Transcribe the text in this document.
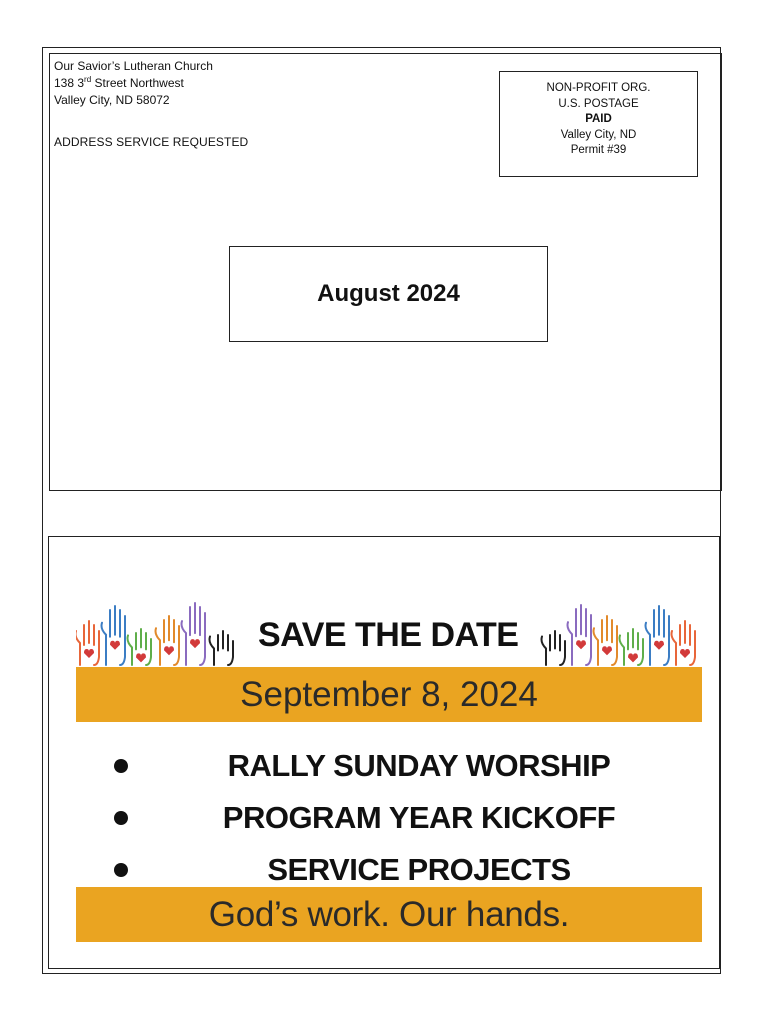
Our Savior’s Lutheran Church
138 3rd Street Northwest
Valley City, ND 58072
ADDRESS SERVICE REQUESTED
NON-PROFIT ORG.
U.S. POSTAGE
PAID
Valley City, ND
Permit #39
August 2024
SAVE THE DATE
September 8, 2024
RALLY SUNDAY WORSHIP
PROGRAM YEAR KICKOFF
SERVICE PROJECTS
God’s work. Our hands.
